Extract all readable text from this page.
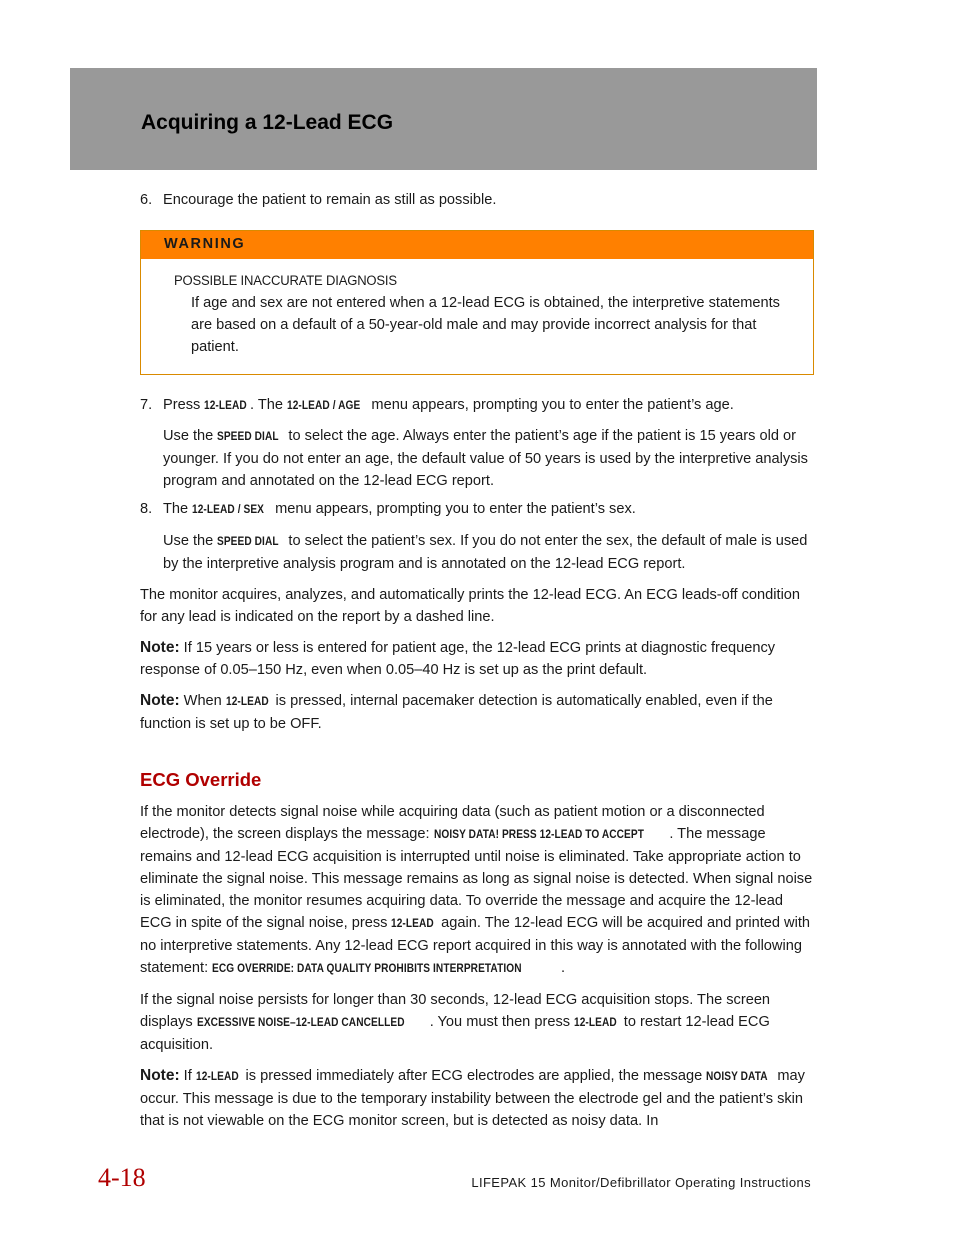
Acquiring a 12-Lead ECG

6. Encourage the patient to remain as still as possible.

WARNING
POSSIBLE INACCURATE DIAGNOSIS

If age and sex are not entered when a 12-lead ECG is obtained, the interpretive statements are based on a default of a 50-year-old male and may provide incorrect analysis for that patient.

7. Press 12-LEAD . The 12-LEAD / AGE menu appears, prompting you to enter the patient’s age.

Use the SPEED DIAL to select the age. Always enter the patient’s age if the patient is 15 years old or younger. If you do not enter an age, the default value of 50 years is used by the interpretive analysis program and annotated on the 12-lead ECG report.

8. The 12-LEAD / SEX menu appears, prompting you to enter the patient’s sex.

Use the SPEED DIAL to select the patient’s sex. If you do not enter the sex, the default of male is used by the interpretive analysis program and is annotated on the 12-lead ECG report.

The monitor acquires, analyzes, and automatically prints the 12-lead ECG. An ECG leads-off condition for any lead is indicated on the report by a dashed line.

Note: If 15 years or less is entered for patient age, the 12-lead ECG prints at diagnostic frequency response of 0.05–150 Hz, even when 0.05–40 Hz is set up as the print default.

Note: When 12-LEAD is pressed, internal pacemaker detection is automatically enabled, even if the function is set up to be OFF.

ECG Override

If the monitor detects signal noise while acquiring data (such as patient motion or a disconnected electrode), the screen displays the message: NOISY DATA! PRESS 12-LEAD TO ACCEPT . The message remains and 12-lead ECG acquisition is interrupted until noise is eliminated. Take appropriate action to eliminate the signal noise. This message remains as long as signal noise is detected. When signal noise is eliminated, the monitor resumes acquiring data. To override the message and acquire the 12-lead ECG in spite of the signal noise, press 12-LEAD again. The 12-lead ECG will be acquired and printed with no interpretive statements. Any 12-lead ECG report acquired in this way is annotated with the following statement: ECG OVERRIDE: DATA QUALITY PROHIBITS INTERPRETATION	.

If the signal noise persists for longer than 30 seconds, 12-lead ECG acquisition stops. The screen displays EXCESSIVE NOISE–12-LEAD CANCELLED . You must then press 12-LEAD to restart 12-lead ECG acquisition.

Note: If 12-LEAD is pressed immediately after ECG electrodes are applied, the message NOISY DATA may occur. This message is due to the temporary instability between the electrode gel and the patient’s skin that is not viewable on the ECG monitor screen, but is detected as noisy data. In

4-18	LIFEPAK 15 Monitor/Defibrillator Operating Instructions
